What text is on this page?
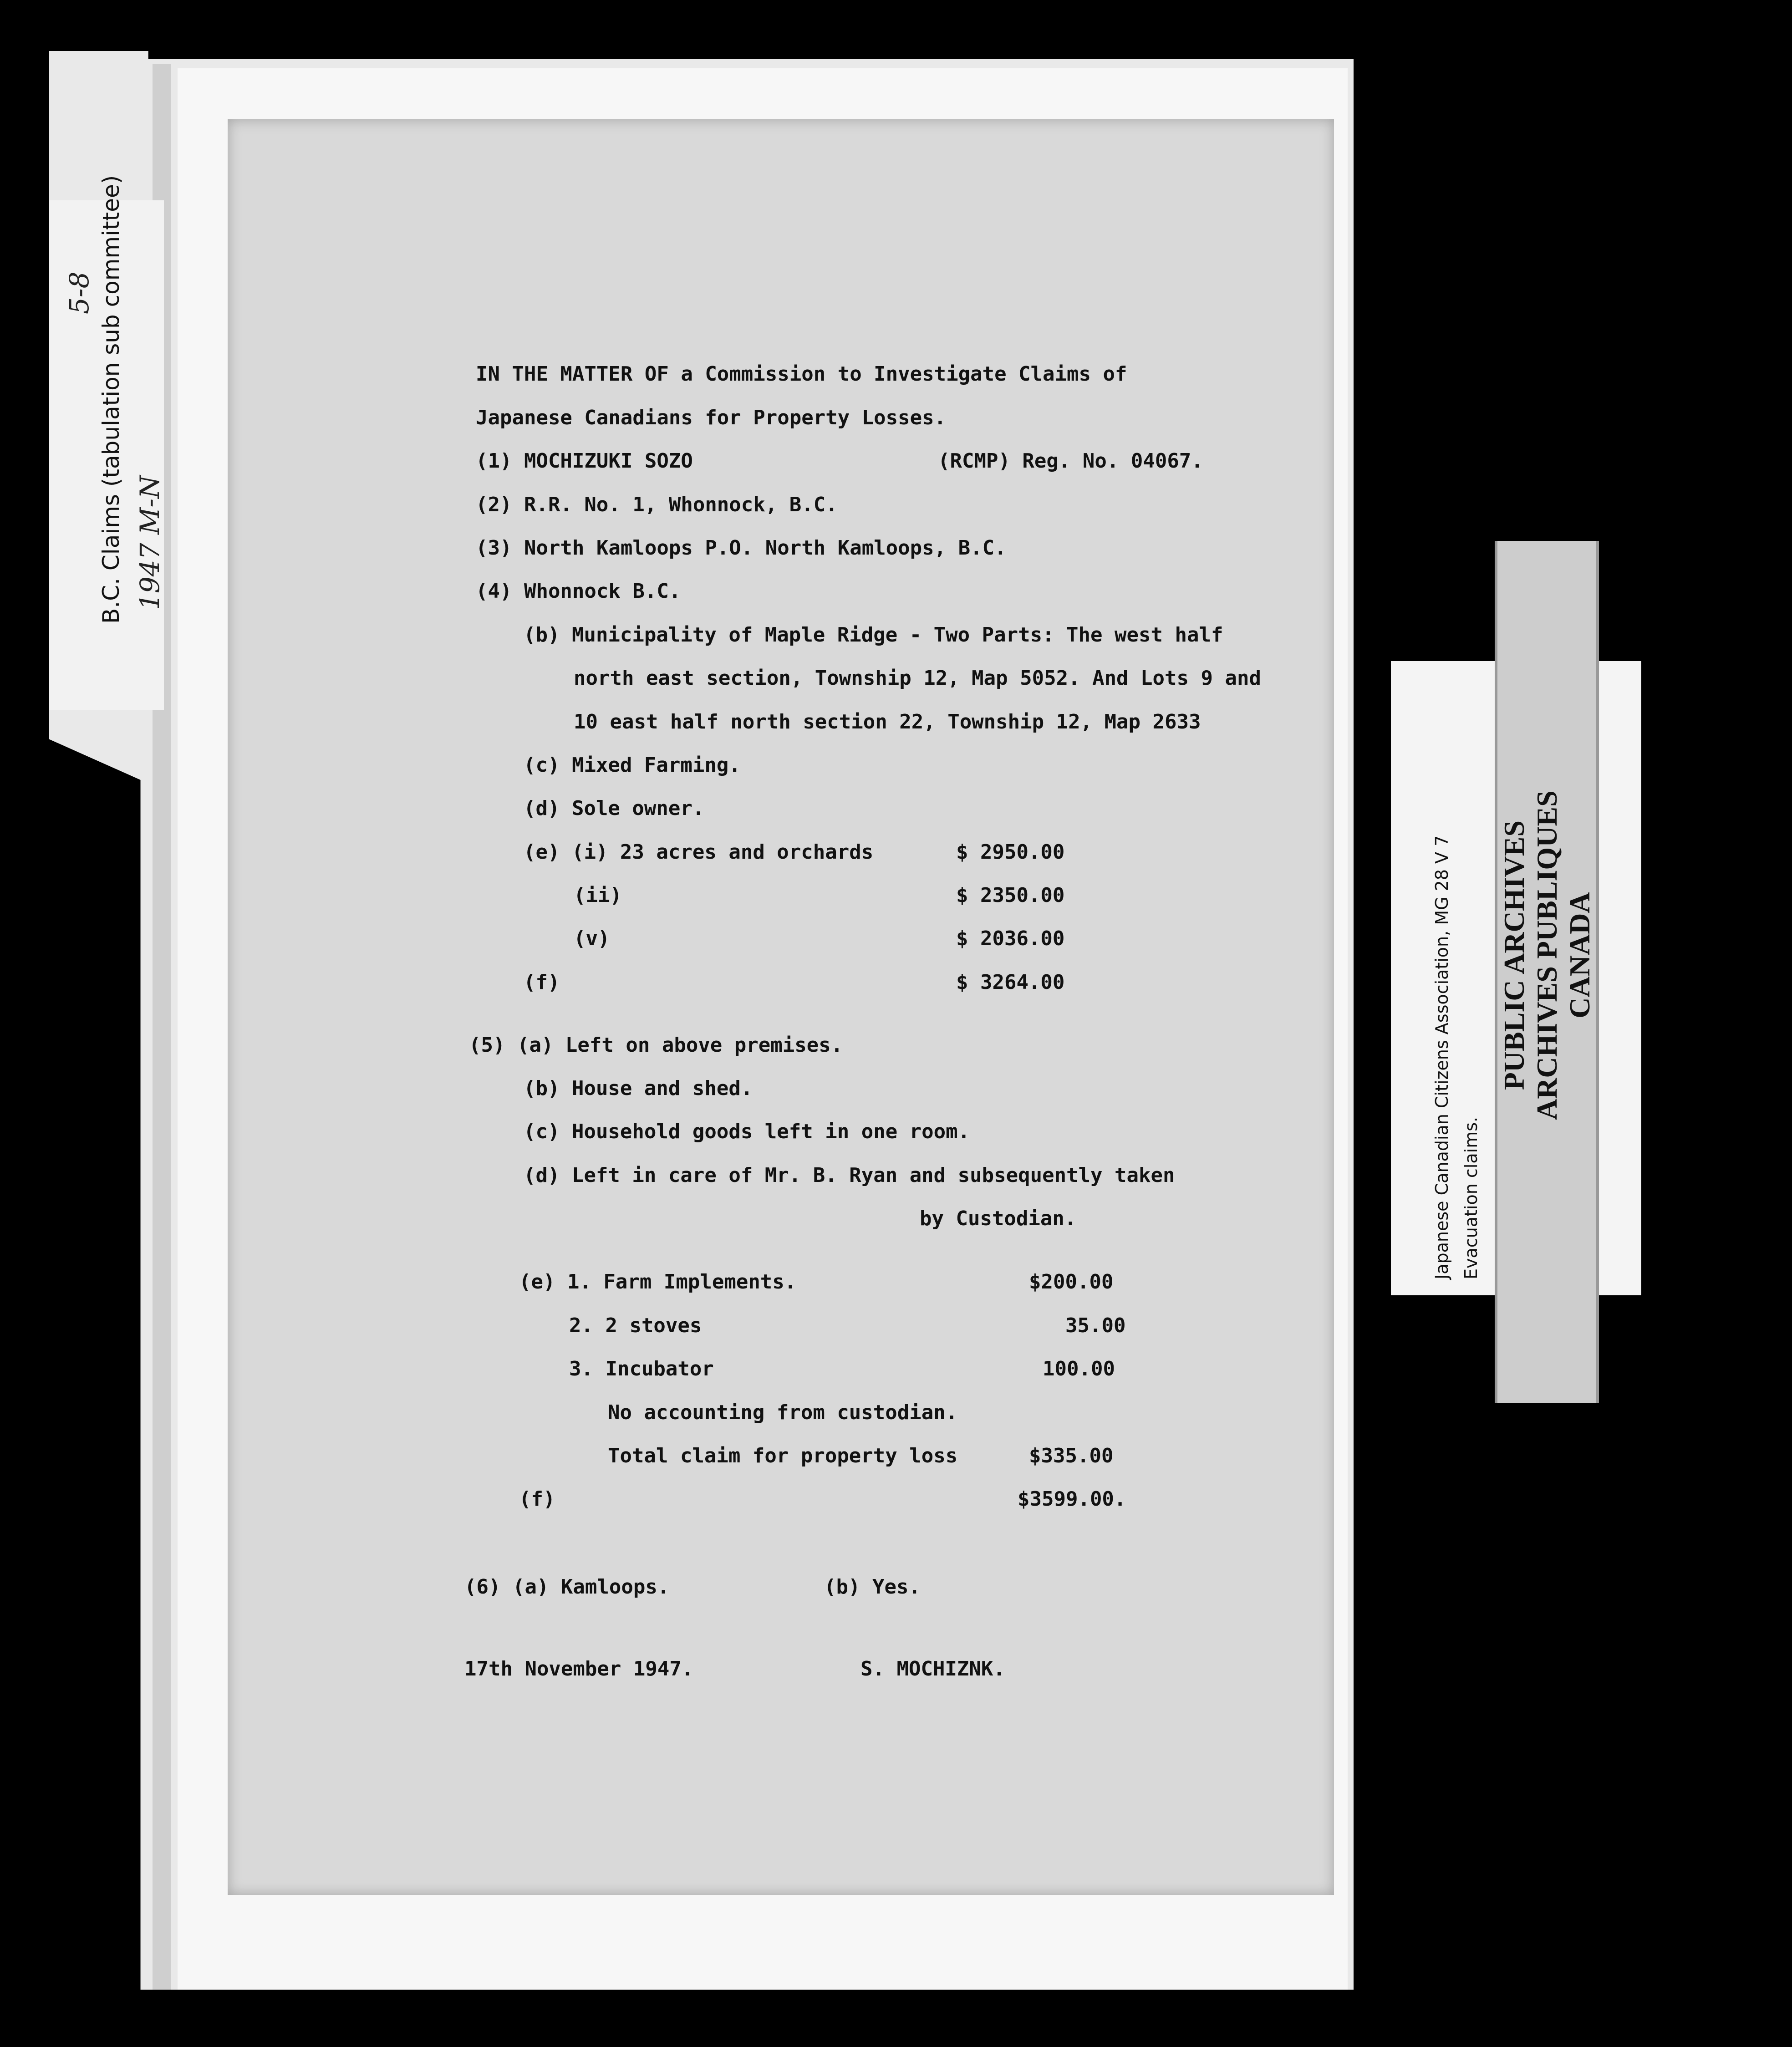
B.C. Claims (tabulation sub committee)
5-8
1947 M-N
IN THE MATTER OF a Commission to Investigate Claims of
Japanese Canadians for Property Losses.
(1) MOCHIZUKI SOZO	(RCMP) Reg. No. 04067.
(2) R.R. No. 1, Whonnock, B.C.
(3) North Kamloops P.O. North Kamloops, B.C.
(4) Whonnock B.C.
(b) Municipality of Maple Ridge - Two Parts: The west half
north east section, Township 12, Map 5052. And Lots 9 and
10 east half north section 22, Township 12, Map 2633
(c) Mixed Farming.
(d) Sole owner.
(e) (i) 23 acres and orchards	$ 2950.00
(ii)	$ 2350.00
(v)	$ 2036.00
(f)	$ 3264.00
(5) (a) Left on above premises.
(b) House and shed.
(c) Household goods left in one room.
(d) Left in care of Mr. B. Ryan and subsequently taken
by Custodian.
(e) 1. Farm Implements.	$200.00
2. 2 stoves	35.00
3. Incubator	100.00
No accounting from custodian.
Total claim for property loss	$335.00
(f)	$3599.00.
(6) (a) Kamloops.	(b) Yes.
17th November 1947.	S. MOCHIZNK.
Japanese Canadian Citizens Association, MG 28 V 7 Evacuation claims.
PUBLIC ARCHIVES ARCHIVES PUBLIQUES CANADA
